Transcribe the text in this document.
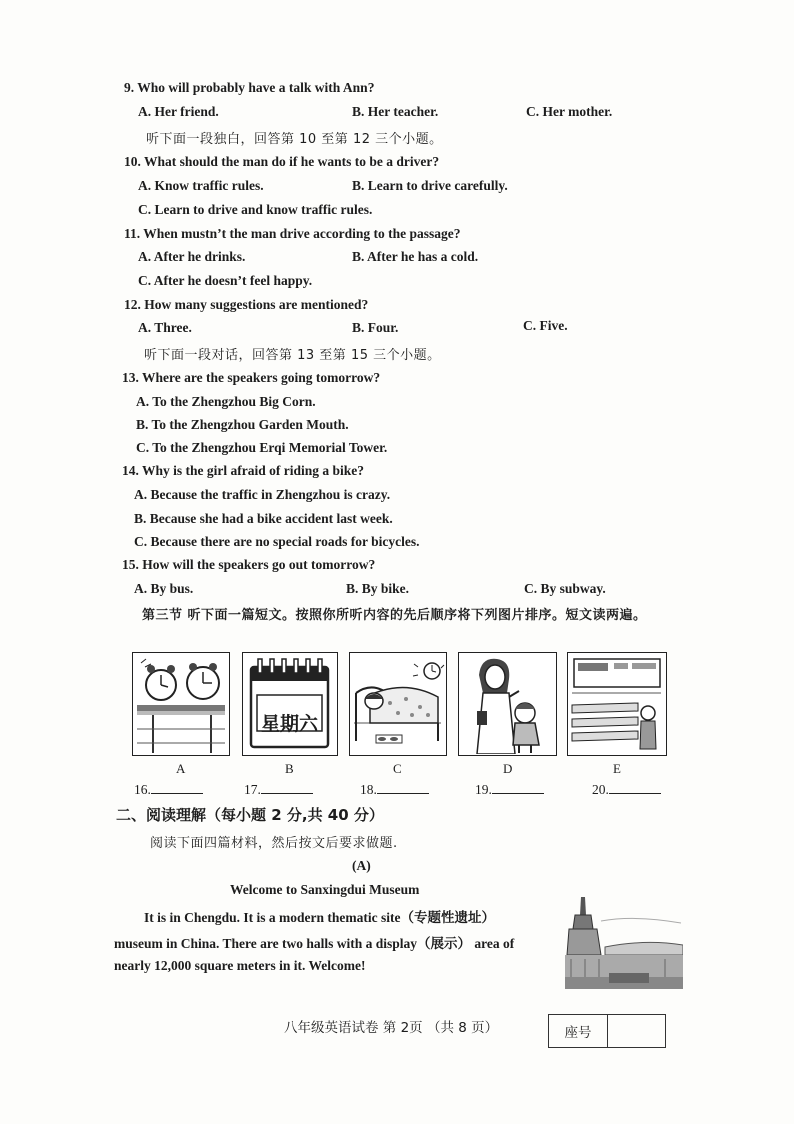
9. Who will probably have a talk with Ann?
A. Her friend.	B. Her teacher.	C. Her mother.
听下面一段独白，回答第 10 至第 12 三个小题。
10. What should the man do if he wants to be a driver?
A. Know traffic rules.	B. Learn to drive carefully.
C. Learn to drive and know traffic rules.
11. When mustn’t the man drive according to the passage?
A. After he drinks.	B. After he has a cold.
C. After he doesn’t feel happy.
12. How many suggestions are mentioned?
A. Three.	B. Four.	C. Five.
听下面一段对话，回答第 13 至第 15 三个小题。
13. Where are the speakers going tomorrow?
A. To the Zhengzhou Big Corn.
B. To the Zhengzhou Garden Mouth.
C. To the Zhengzhou Erqi Memorial Tower.
14. Why is the girl afraid of riding a bike?
A. Because the traffic in Zhengzhou is crazy.
B. Because she had a bike accident last week.
C. Because there are no special roads for bicycles.
15. How will the speakers go out tomorrow?
A. By bus.	B. By bike.	C. By subway.
第三节 听下面一篇短文。按照你所听内容的先后顺序将下列图片排序。短文读两遍。
星期六
A	B	C	D	E
16.	17.	18.	19.	20.
二、阅读理解（每小题 2 分,共 40 分）
阅读下面四篇材料，然后按文后要求做题.
(A)
Welcome to Sanxingdui Museum
It is in Chengdu. It is a modern thematic site（专题性遗址）
museum in China. There are two halls with a display（展示） area of
nearly 12,000 square meters in it. Welcome!
八年级英语试卷 第 2页 （共 8 页）	座号
